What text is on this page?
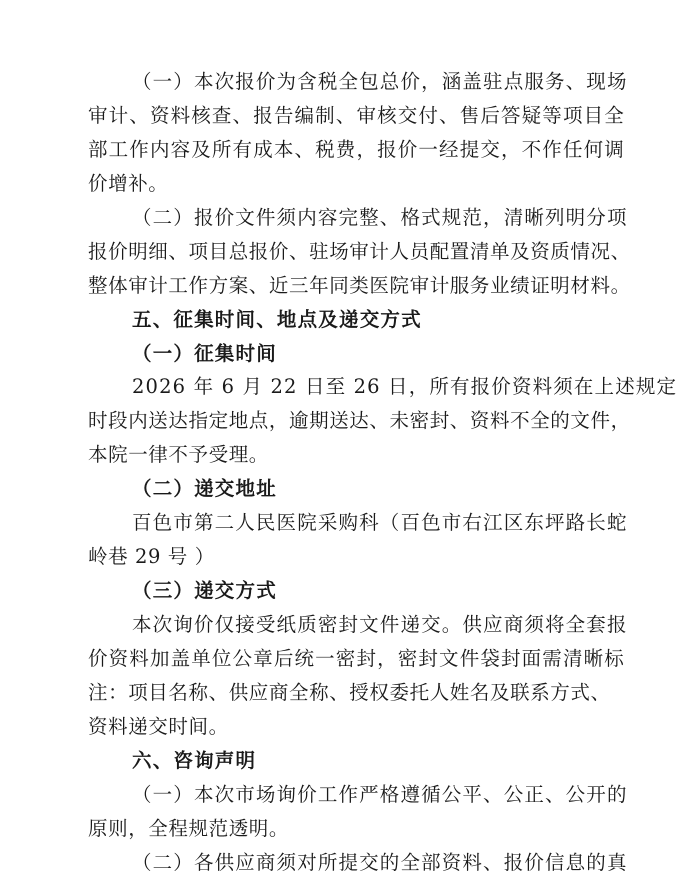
（一）本次报价为含税全包总价，涵盖驻点服务、现场
审计、资料核查、报告编制、审核交付、售后答疑等项目全
部工作内容及所有成本、税费，报价一经提交，不作任何调
价增补。
（二）报价文件须内容完整、格式规范，清晰列明分项
报价明细、项目总报价、驻场审计人员配置清单及资质情况、
整体审计工作方案、近三年同类医院审计服务业绩证明材料。
五、征集时间、地点及递交方式
（一）征集时间
2026 年 6 月 22 日至 26 日，所有报价资料须在上述规定
时段内送达指定地点，逾期送达、未密封、资料不全的文件，
本院一律不予受理。
（二）递交地址
百色市第二人民医院采购科（百色市右江区东坪路长蛇
岭巷 29 号 ）
（三）递交方式
本次询价仅接受纸质密封文件递交。供应商须将全套报
价资料加盖单位公章后统一密封，密封文件袋封面需清晰标
注：项目名称、供应商全称、授权委托人姓名及联系方式、
资料递交时间。
六、咨询声明
（一）本次市场询价工作严格遵循公平、公正、公开的
原则，全程规范透明。
（二）各供应商须对所提交的全部资料、报价信息的真
